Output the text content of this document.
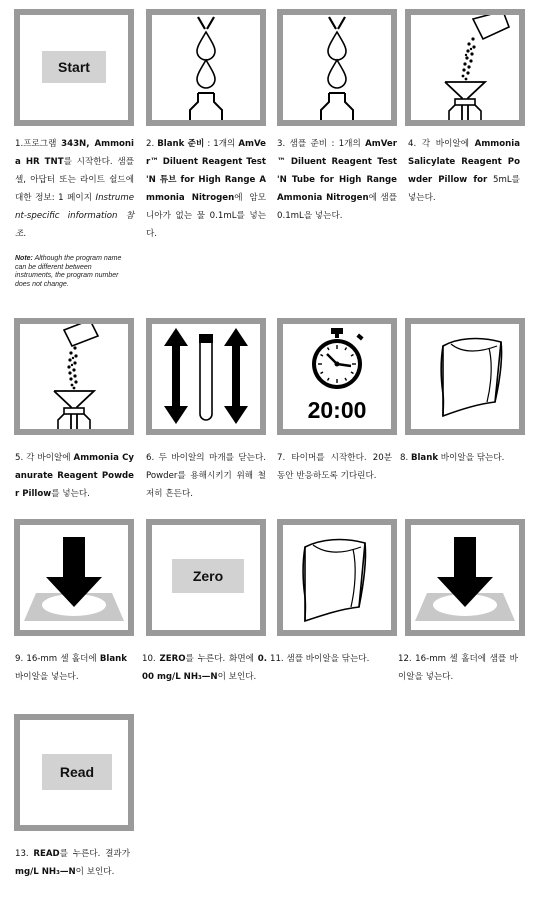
Start
1.프로그램 343N, Ammonia HR TNT를 시작한다. 샘플 셀, 아답터 또는 라이트 쉴드에 대한 정보: 1 페이지 Instrument-specific information 참조.
Note: Although the program name can be different between instruments, the program number does not change.
2. Blank 준비 : 1개의 AmVer™ Diluent Reagent Test 'N 튜브 for High Range Ammonia Nitrogen에 암모니아가 없는 물 0.1mL를 넣는다.
3. 샘플 준비 : 1개의 AmVer™ Diluent Reagent Test 'N Tube for High Range Ammonia Nitrogen에 샘플 0.1mL을 넣는다.
4. 각 바이알에 Ammonia Salicylate Reagent Powder Pillow for 5mL를 넣는다.
20:00
5. 각 바이알에 Ammonia Cyanurate Reagent Powder Pillow를 넣는다.
6. 두 바이알의 마개를 닫는다. Powder를 용해시키기 위해 철저히 흔든다.
7. 타이머를 시작한다. 20분 동안 반응하도록 기다린다.
8. Blank 바이알을 닦는다.
Zero
9. 16-mm 셀 홀더에 Blank 바이알을 넣는다.
10. ZERO를 누른다. 화면에 0.00 mg/L NH₃—N이 보인다.
11. 샘플 바이알을 닦는다.	12. 16-mm 셀 홀더에 샘플 바이알을 넣는다.
Read
13. READ를 누른다. 결과가 mg/L NH₃—N이 보인다.
